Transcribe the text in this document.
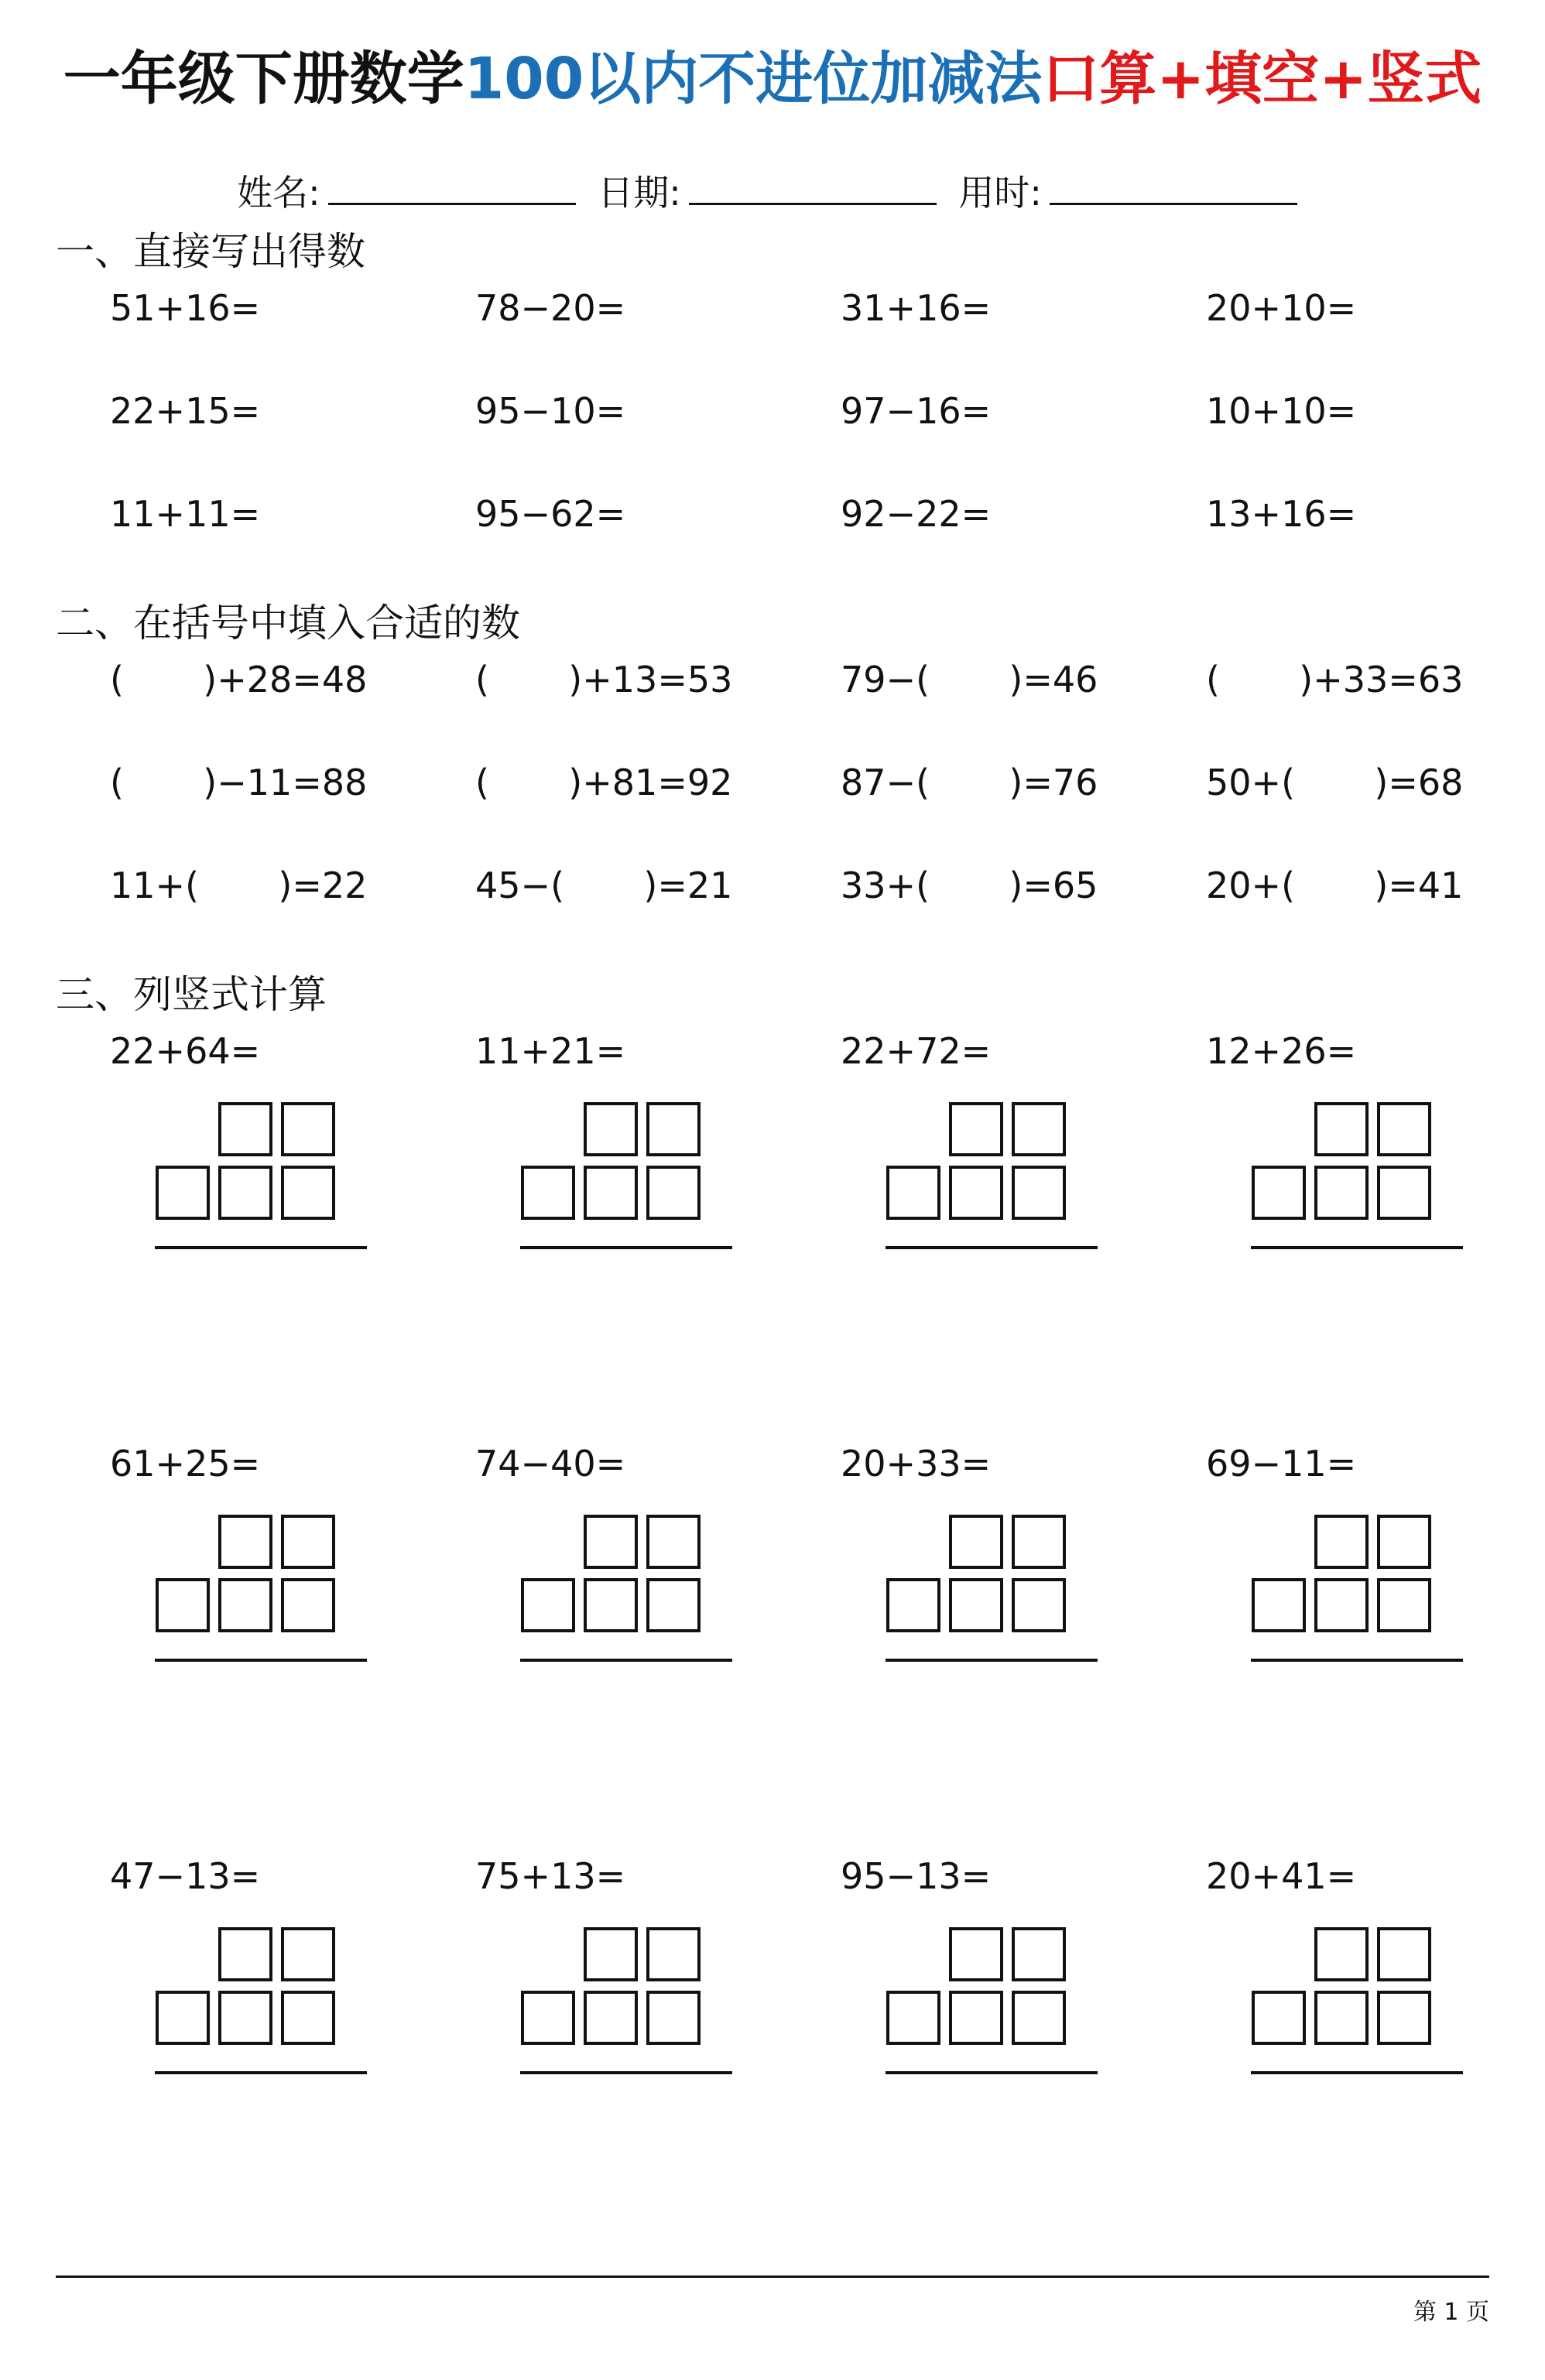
一年级下册数学100以内不进位加减法口算+填空+竖式
姓名:	日期:	用时:
一、直接写出得数
51+16=	78−20=	31+16=	20+10=
22+15=	95−10=	97−16=	10+10=
11+11=	95−62=	92−22=	13+16=
二、在括号中填入合适的数
(       )+28=48	(       )+13=53	79−(       )=46	(       )+33=63
(       )−11=88	(       )+81=92	87−(       )=76	50+(       )=68
11+(       )=22	45−(       )=21	33+(       )=65	20+(       )=41
三、列竖式计算
22+64=	11+21=	22+72=	12+26=
61+25=	74−40=	20+33=	69−11=
47−13=	75+13=	95−13=	20+41=
第 1 页
